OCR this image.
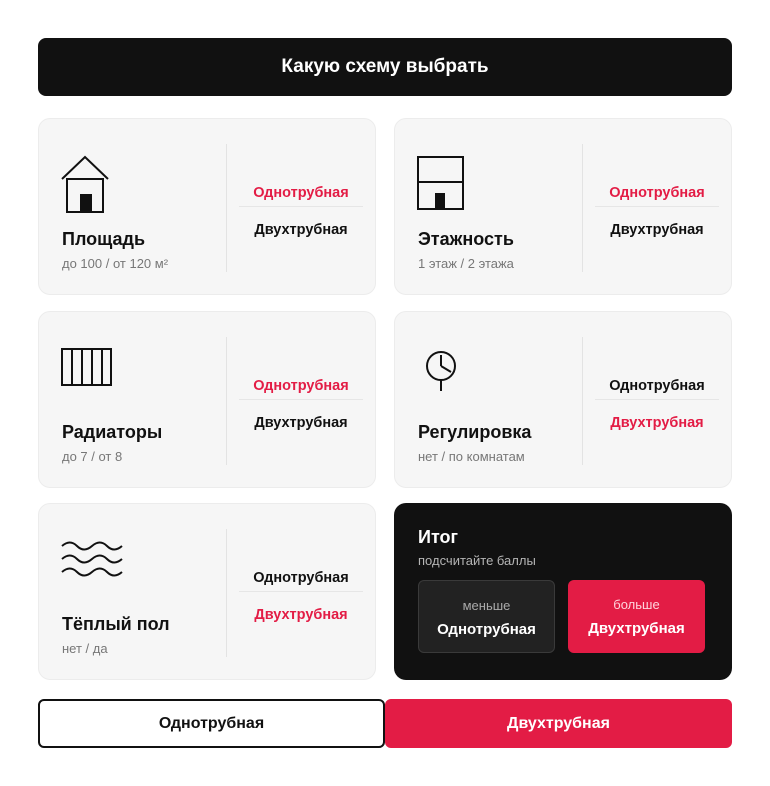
Какую схему выбрать
Площадь
до 100 / от 120 м²
Однотрубная
Двухтрубная	Этажность
1 этаж / 2 этажа
Однотрубная
Двухтрубная
Радиаторы
до 7 / от 8
Однотрубная
Двухтрубная	Регулировка
нет / по комнатам
Однотрубная
Двухтрубная
Тёплый пол
нет / да
Однотрубная
Двухтрубная
Итог
подсчитайте баллы
меньше
Однотрубная
больше
Двухтрубная
Однотрубная	Двухтрубная
